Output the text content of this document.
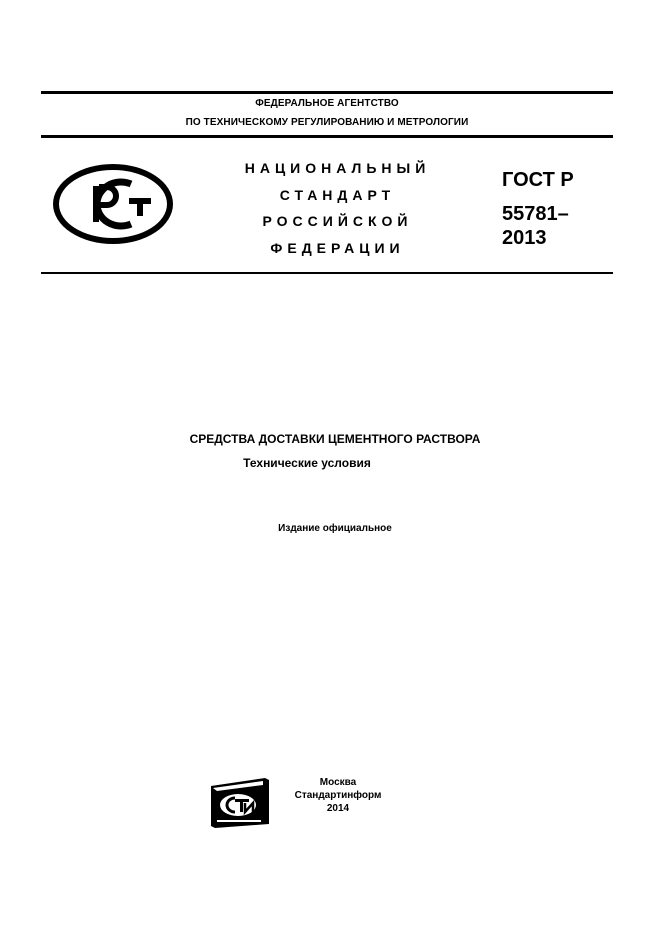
ФЕДЕРАЛЬНОЕ АГЕНТСТВО
ПО ТЕХНИЧЕСКОМУ РЕГУЛИРОВАНИЮ И МЕТРОЛОГИИ
НАЦИОНАЛЬНЫЙ
СТАНДАРТ
РОССИЙСКОЙ
ФЕДЕРАЦИИ
ГОСТ Р
55781–
2013
СРЕДСТВА ДОСТАВКИ ЦЕМЕНТНОГО РАСТВОРА
Технические условия
Издание официальное
Москва
Стандартинформ
2014
